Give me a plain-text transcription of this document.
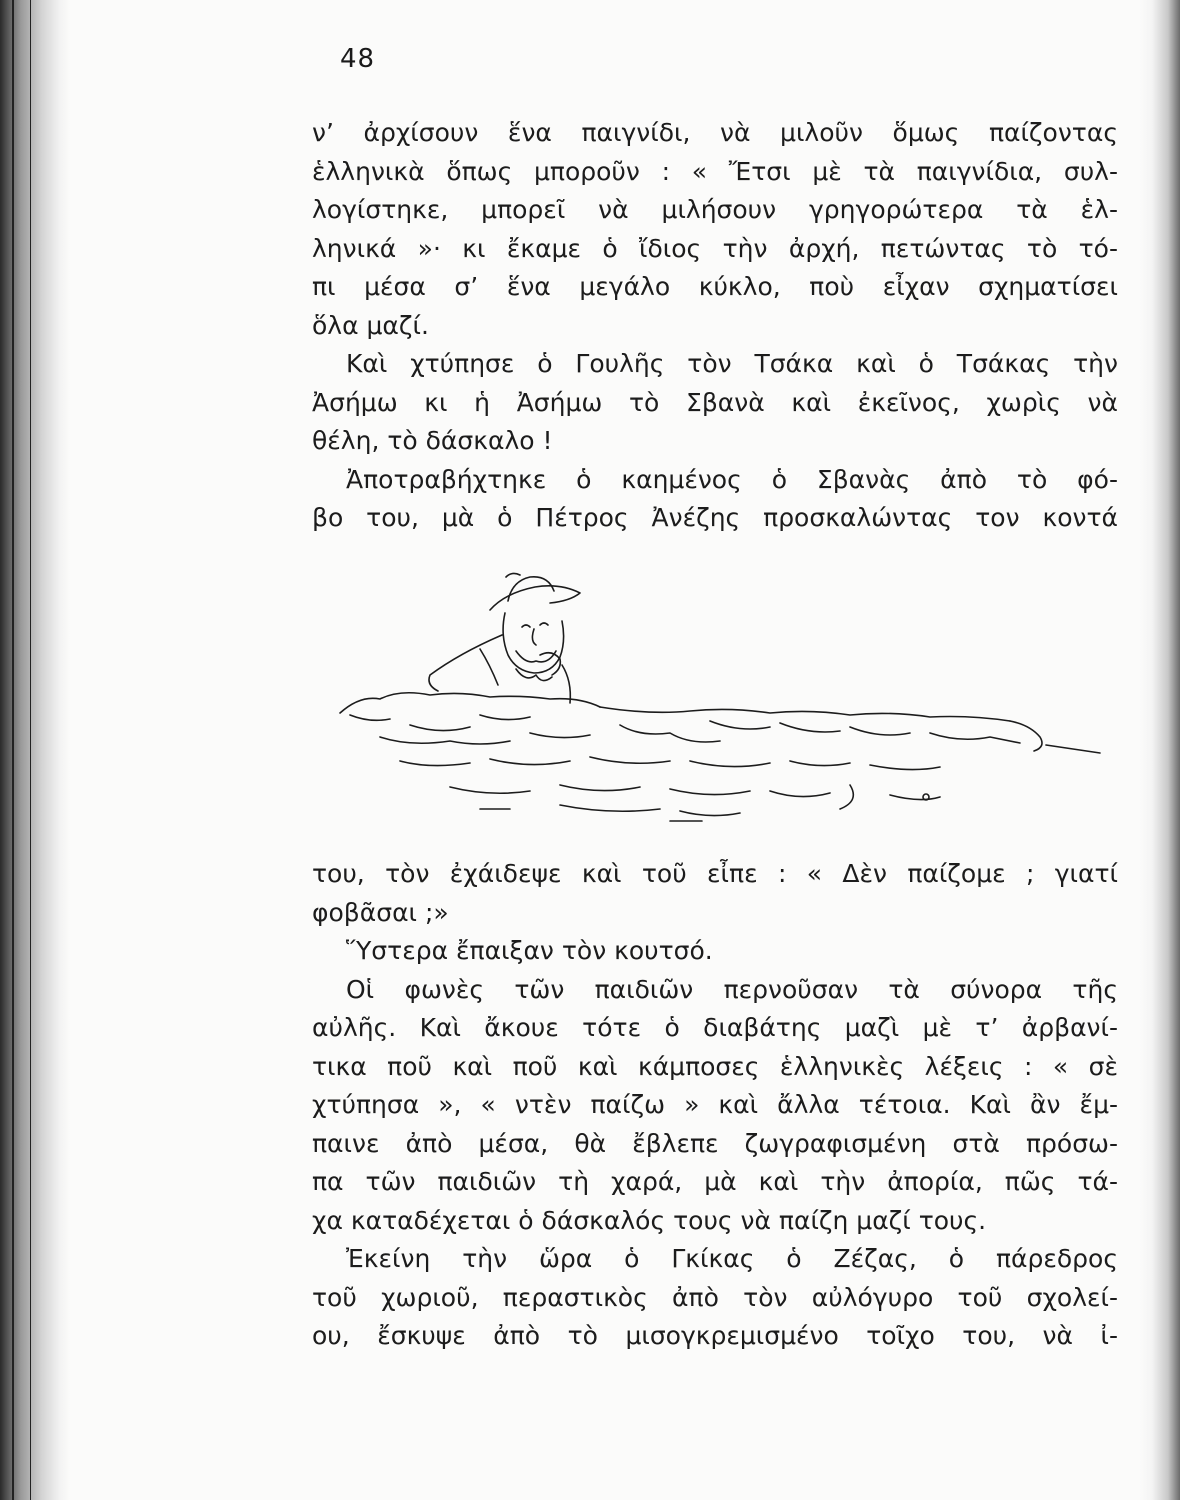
48
ν’ ἀρχίσουν ἕνα παιγνίδι, νὰ μιλοῦν ὅμως παίζοντας
ἑλληνικὰ ὅπως μποροῦν : « Ἔτσι μὲ τὰ παιγνίδια, συλ-
λογίστηκε, μπορεῖ νὰ μιλήσουν γρηγορώτερα τὰ ἑλ-
ληνικά »· κι ἔκαμε ὁ ἴδιος τὴν ἀρχή, πετώντας τὸ τό-
πι μέσα σ’ ἕνα μεγάλο κύκλο, ποὺ εἶχαν σχηματίσει
ὅλα μαζί.
Καὶ χτύπησε ὁ Γουλῆς τὸν Τσάκα καὶ ὁ Τσάκας τὴν
Ἀσήμω κι ἡ Ἀσήμω τὸ Σβανὰ καὶ ἐκεῖνος, χωρὶς νὰ
θέλη, τὸ δάσκαλο !
Ἀποτραβήχτηκε ὁ καημένος ὁ Σβανὰς ἀπὸ τὸ φό-
βο του, μὰ ὁ Πέτρος Ἀνέζης προσκαλώντας τον κοντά
του, τὸν ἐχάιδεψε καὶ τοῦ εἶπε : « Δὲν παίζομε ; γιατί
φοβᾶσαι ;»
Ὕστερα ἔπαιξαν τὸν κουτσό.
Οἱ φωνὲς τῶν παιδιῶν περνοῦσαν τὰ σύνορα τῆς
αὐλῆς. Καὶ ἄκουε τότε ὁ διαβάτης μαζὶ μὲ τ’ ἀρβανί-
τικα ποῦ καὶ ποῦ καὶ κάμποσες ἑλληνικὲς λέξεις : « σὲ
χτύπησα », « ντὲν παίζω » καὶ ἄλλα τέτοια. Καὶ ἂν ἔμ-
παινε ἀπὸ μέσα, θὰ ἔβλεπε ζωγραφισμένη στὰ πρόσω-
πα τῶν παιδιῶν τὴ χαρά, μὰ καὶ τὴν ἀπορία, πῶς τά-
χα καταδέχεται ὁ δάσκαλός τους νὰ παίζη μαζί τους.
Ἐκείνη τὴν ὥρα ὁ Γκίκας ὁ Ζέζας, ὁ πάρεδρος
τοῦ χωριοῦ, περαστικὸς ἀπὸ τὸν αὐλόγυρο τοῦ σχολεί-
ου, ἔσκυψε ἀπὸ τὸ μισογκρεμισμένο τοῖχο του, νὰ ἰ-
